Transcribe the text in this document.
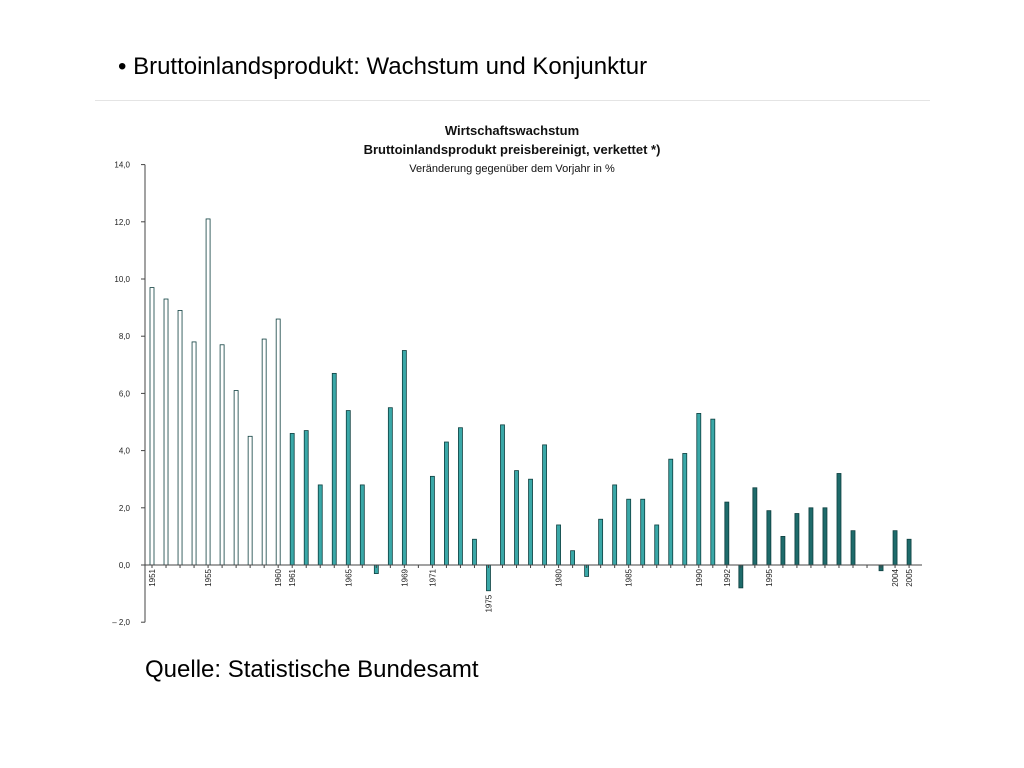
• Bruttoinlandsprodukt: Wachstum und Konjunktur
Wirtschaftswachstum
Bruttoinlandsprodukt preisbereinigt, verkettet *)
Veränderung gegenüber dem Vorjahr in %
– 2,0
0,0
2,0
4,0
6,0
8,0
10,0
12,0
14,0
1951	1955	1960 1961	1965	1969 1971
1975
1980	1985	1990 1992	1995	2004 2005
Quelle: Statistische Bundesamt
